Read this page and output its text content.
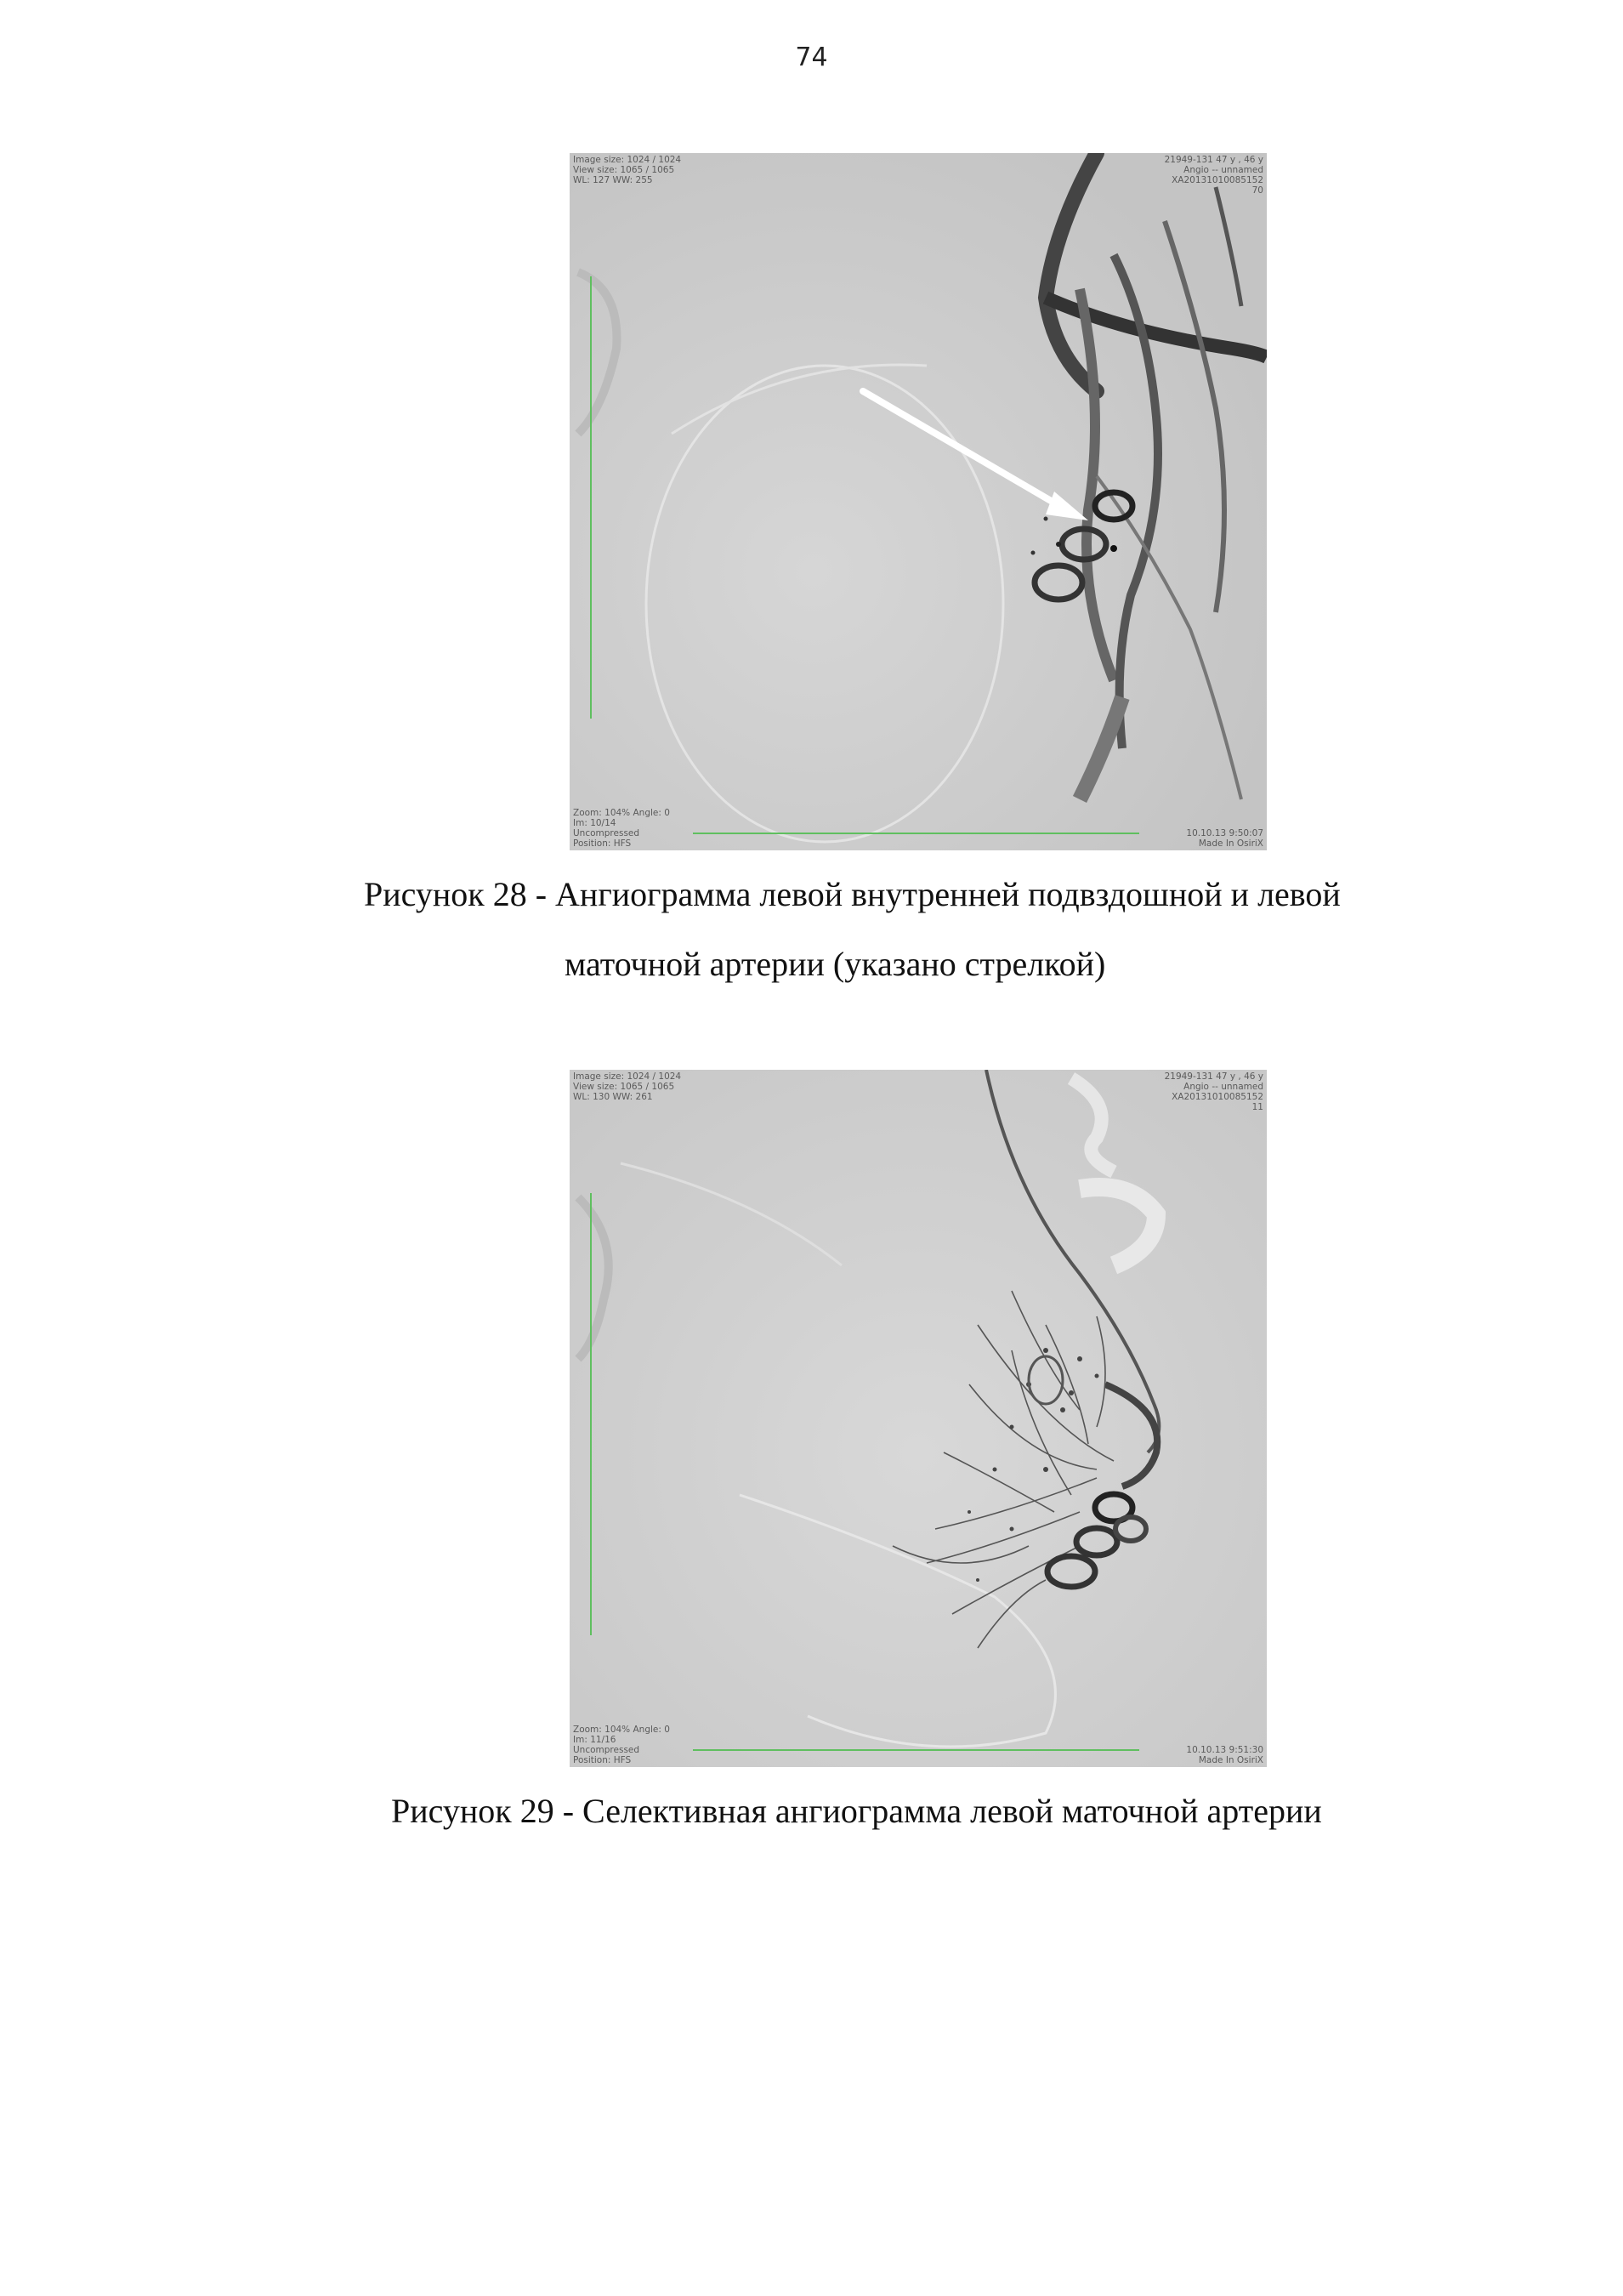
74
Image size: 1024 / 1024
View size: 1065 / 1065
WL: 127 WW: 255
21949-131 47 y , 46 y
Angio -- unnamed
XA20131010085152
70
Zoom: 104% Angle: 0
Im: 10/14
Uncompressed
Position: HFS
10.10.13 9:50:07
Made In OsiriX
Рисунок 28 - Ангиограмма левой внутренней подвздошной и левой
маточной артерии (указано стрелкой)
Image size: 1024 / 1024
View size: 1065 / 1065
WL: 130 WW: 261
21949-131 47 y , 46 y
Angio -- unnamed
XA20131010085152
11
Zoom: 104% Angle: 0
Im: 11/16
Uncompressed
Position: HFS
10.10.13 9:51:30
Made In OsiriX
Рисунок 29 - Селективная ангиограмма левой маточной артерии
